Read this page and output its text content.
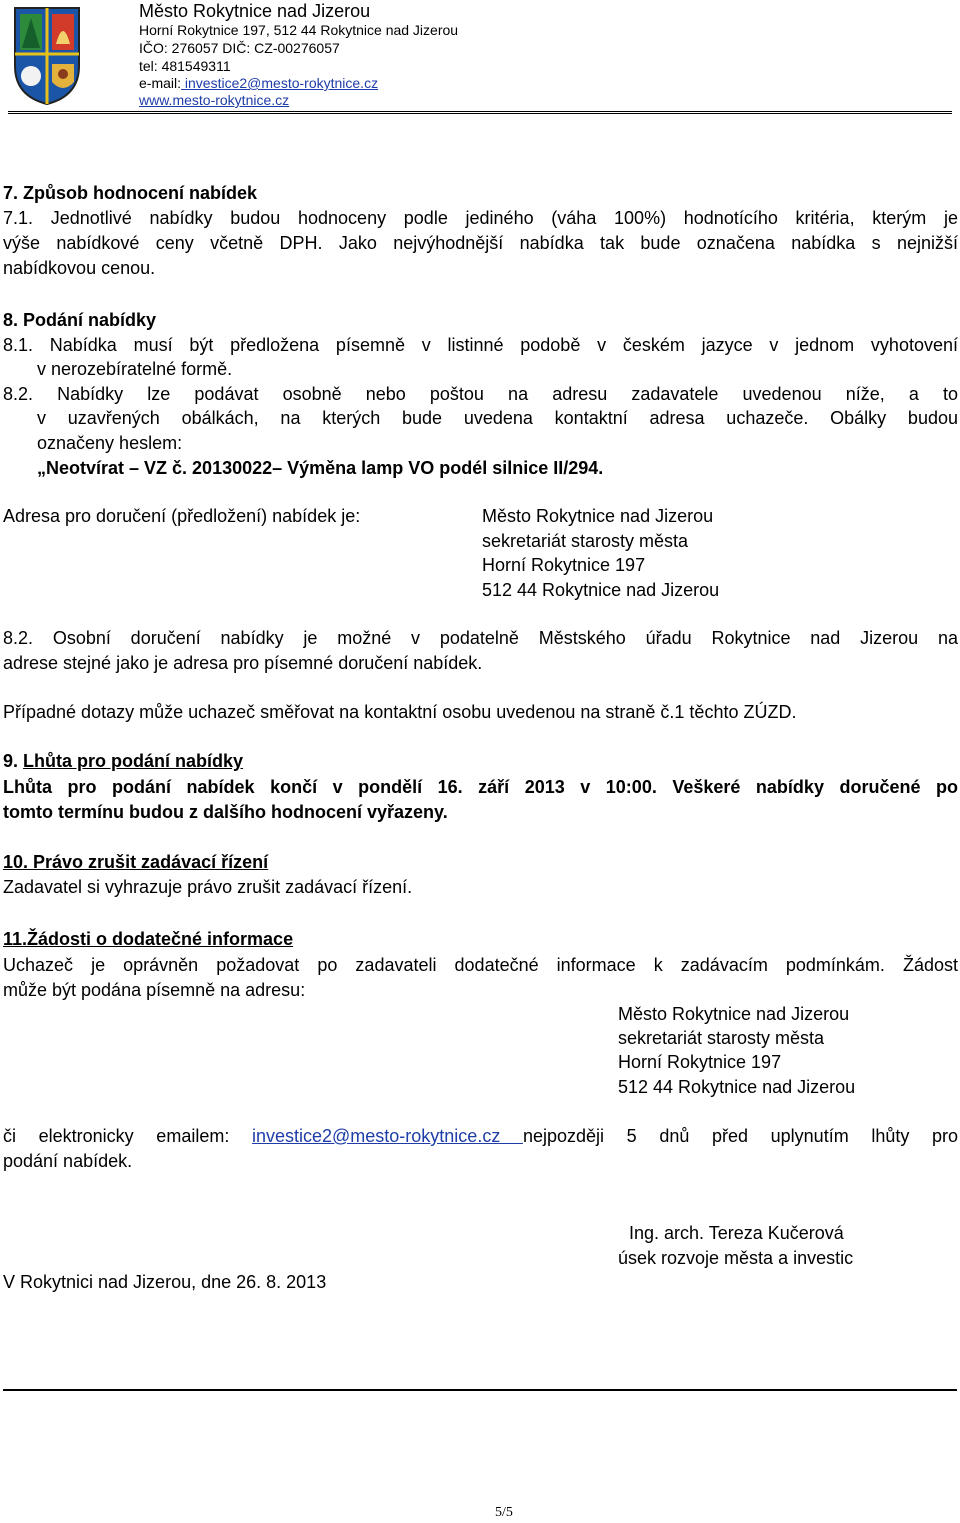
Město Rokytnice nad Jizerou
Horní Rokytnice 197, 512 44 Rokytnice nad Jizerou
IČO: 276057 DIČ: CZ-00276057
tel: 481549311
e-mail: investice2@mesto-rokytnice.cz
www.mesto-rokytnice.cz
7. Způsob hodnocení nabídek
7.1. Jednotlivé nabídky budou hodnoceny podle jediného (váha 100%) hodnotícího kritéria, kterým je
výše nabídkové ceny včetně DPH. Jako nejvýhodnější nabídka tak bude označena nabídka s nejnižší
nabídkovou cenou.
8. Podání nabídky
8.1. Nabídka musí být předložena písemně v listinné podobě v českém jazyce v jednom vyhotovení
v nerozebíratelné formě.
8.2. Nabídky lze podávat osobně nebo poštou na adresu zadavatele uvedenou níže, a to
v uzavřených obálkách, na kterých bude uvedena kontaktní adresa uchazeče. Obálky budou
označeny heslem:
„Neotvírat – VZ č. 20130022– Výměna lamp VO podél silnice II/294.
Adresa pro doručení (předložení) nabídek je:	Město Rokytnice nad Jizerou
sekretariát starosty města
Horní Rokytnice 197
512 44 Rokytnice nad Jizerou
8.2. Osobní doručení nabídky je možné v podatelně Městského úřadu Rokytnice nad Jizerou na
adrese stejné jako je adresa pro písemné doručení nabídek.
Případné dotazy může uchazeč směřovat na kontaktní osobu uvedenou na straně č.1 těchto ZÚZD.
9. Lhůta pro podání nabídky
Lhůta pro podání nabídek končí v pondělí 16. září 2013 v 10:00. Veškeré nabídky doručené po
tomto termínu budou z dalšího hodnocení vyřazeny.
10. Právo zrušit zadávací řízení
Zadavatel si vyhrazuje právo zrušit zadávací řízení.
11.Žádosti o dodatečné informace
Uchazeč je oprávněn požadovat po zadavateli dodatečné informace k zadávacím podmínkám. Žádost
může být podána písemně na adresu:
Město Rokytnice nad Jizerou
sekretariát starosty města
Horní Rokytnice 197
512 44 Rokytnice nad Jizerou
či elektronicky emailem: investice2@mesto-rokytnice.cz nejpozději 5 dnů před uplynutím lhůty pro
podání nabídek.
Ing. arch. Tereza Kučerová
úsek rozvoje města a investic
V Rokytnici nad Jizerou, dne 26. 8. 2013
5/5
